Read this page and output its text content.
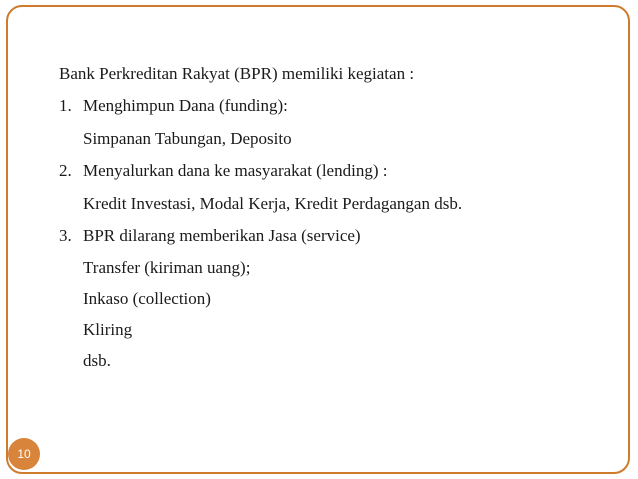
Bank Perkreditan Rakyat (BPR) memiliki kegiatan :
1. Menghimpun Dana (funding):
Simpanan Tabungan, Deposito
2. Menyalurkan dana ke masyarakat (lending) :
Kredit Investasi, Modal Kerja, Kredit Perdagangan dsb.
3. BPR dilarang memberikan Jasa (service)
Transfer (kiriman uang);
Inkaso (collection)
Kliring
dsb.
10
